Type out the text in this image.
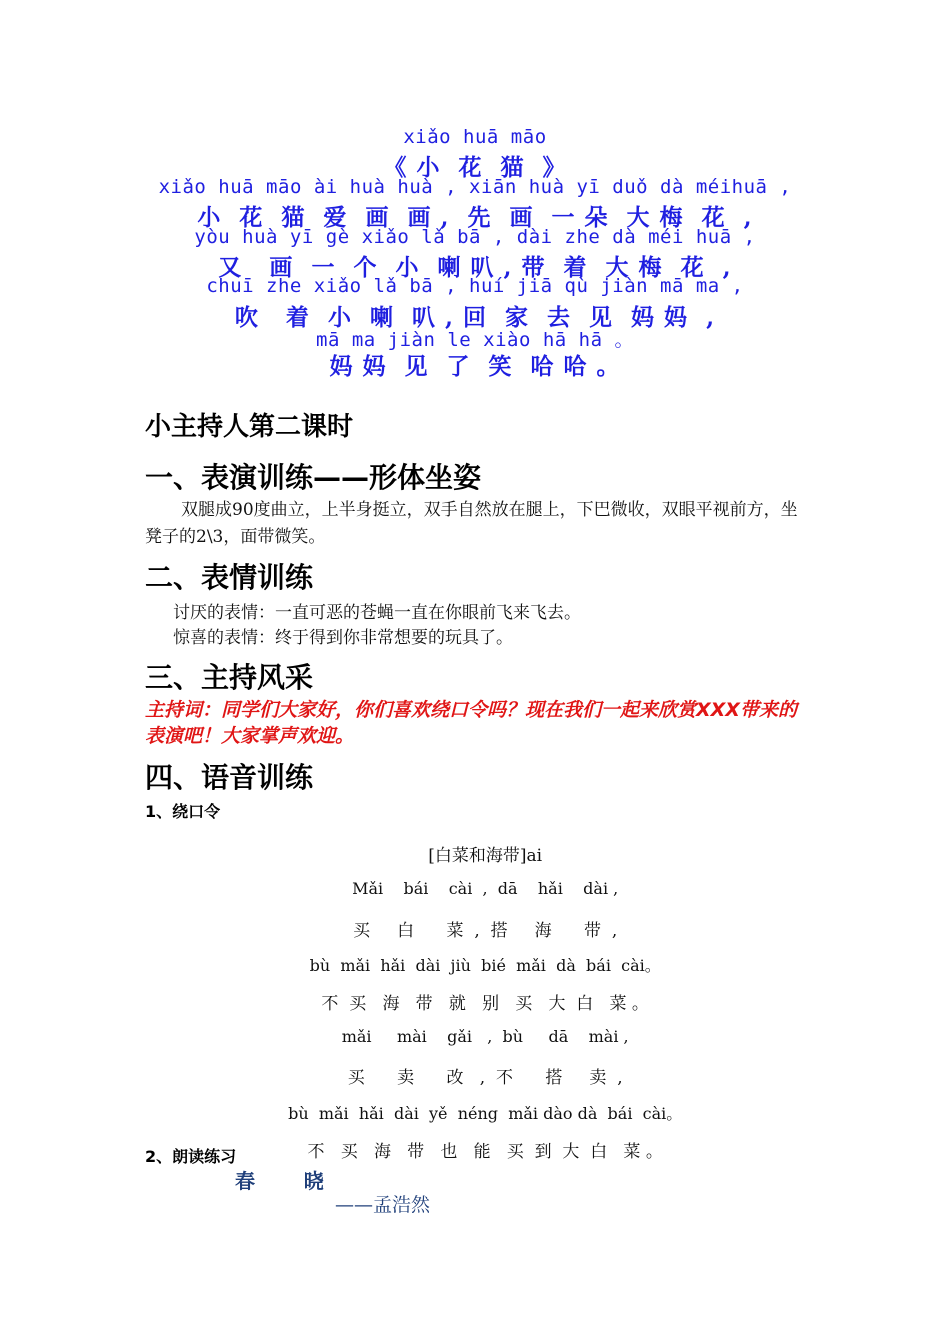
xiǎo huā māo
《 小  花  猫  》
xiǎo huā māo ài huà huà , xiān huà yī duǒ dà méihuā ,
小  花  猫  爱  画  画 ,  先  画  一 朵  大 梅  花  ,
yòu huà yī gè xiǎo lǎ bā , dài zhe dà méi huā ,
又   画  一  个  小  喇 叭 , 带  着  大 梅  花  ,
chuī zhe xiǎo lǎ bā , huí jiā qù jiàn mā ma ,
吹   着  小  喇  叭 , 回  家  去  见  妈 妈  ,
mā ma jiàn le xiào hā hā 。
妈 妈  见  了  笑  哈 哈 。
小主持人第二课时
一、表演训练——形体坐姿
双腿成90度曲立，上半身挺立，双手自然放在腿上，下巴微收，双眼平视前方，坐凳子的2\3，面带微笑。
二、表情训练
讨厌的表情：一直可恶的苍蝇一直在你眼前飞来飞去。
惊喜的表情：终于得到你非常想要的玩具了。
三、主持风采
主持词：同学们大家好，你们喜欢绕口令吗？现在我们一起来欣赏XXX带来的表演吧！大家掌声欢迎。
四、语音训练
1、绕口令

[白菜和海带]ai

Mǎi    bái    cài  ,  dā    hǎi    dài ,

买     白      菜  ,  搭     海      带  ,

bù  mǎi  hǎi  dài  jiù  bié  mǎi  dà  bái  cài。

不  买   海   带   就   别   买   大  白   菜 。

mǎi     mài    gǎi   ,  bù     dā    mài ,

买      卖      改   ,  不      搭     卖  ,

bù  mǎi  hǎi  dài  yě  néng  mǎi dào dà  bái  cài。

不   买   海   带   也   能   买  到  大  白   菜 。

2、朗读练习
春       晓
——孟浩然
